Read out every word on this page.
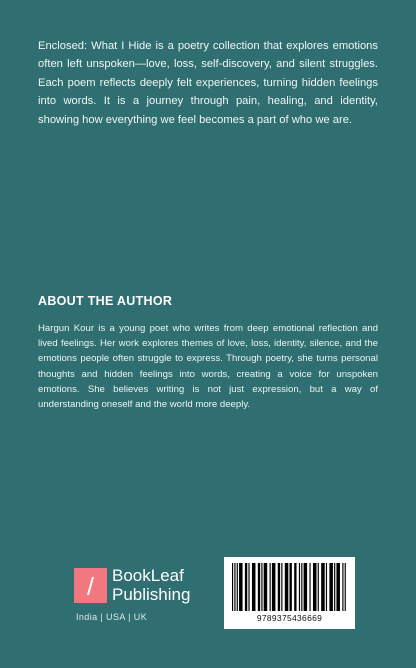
Enclosed: What I Hide is a poetry collection that explores emotions often left unspoken—love, loss, self-discovery, and silent struggles. Each poem reflects deeply felt experiences, turning hidden feelings into words. It is a journey through pain, healing, and identity, showing how everything we feel becomes a part of who we are.
ABOUT THE AUTHOR
Hargun Kour is a young poet who writes from deep emotional reflection and lived feelings. Her work explores themes of love, loss, identity, silence, and the emotions people often struggle to express. Through poetry, she turns personal thoughts and hidden feelings into words, creating a voice for unspoken emotions. She believes writing is not just expression, but a way of understanding oneself and the world more deeply.
BookLeaf
Publishing
India | USA | UK	9789375436669
